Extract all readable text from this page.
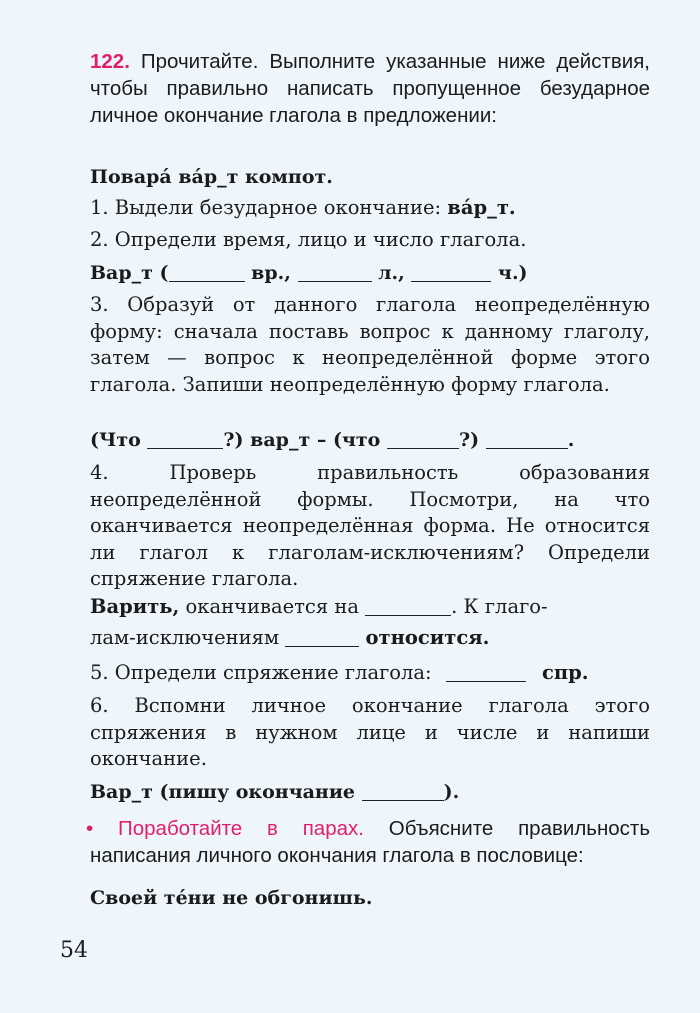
122. Прочитайте. Выполните указанные ниже действия, чтобы правильно написать пропущенное безударное личное окончание глагола в предложении:
Повара́ ва́р_т компот.
1. Выдели безударное окончание: ва́р_т.
2. Определи время, лицо и число глагола.
Вар_т (	вр.,	л.,	ч.)
3. Образуй от данного глагола неопределённую форму: сначала поставь вопрос к данному глаголу, затем — вопрос к неопределённой форме этого глагола. Запиши неопределённую форму глагола.
(Что	?) вар_т – (что	?)	.
4. Проверь правильность образования неопределённой формы. Посмотри, на что оканчивается неопределённая форма. Не относится ли глагол к глаголам-исключениям? Определи спряжение глагола.
Варить, оканчивается на	. К глаго-
лам-исключениям	относится.
5. Определи спряжение глагола:	спр.
6. Вспомни личное окончание глагола этого спряжения в нужном лице и числе и напиши окончание.
Вар_т (пишу окончание	).
• Поработайте в парах. Объясните правильность написания личного окончания глагола в пословице:
Своей те́ни не обгонишь.
54
